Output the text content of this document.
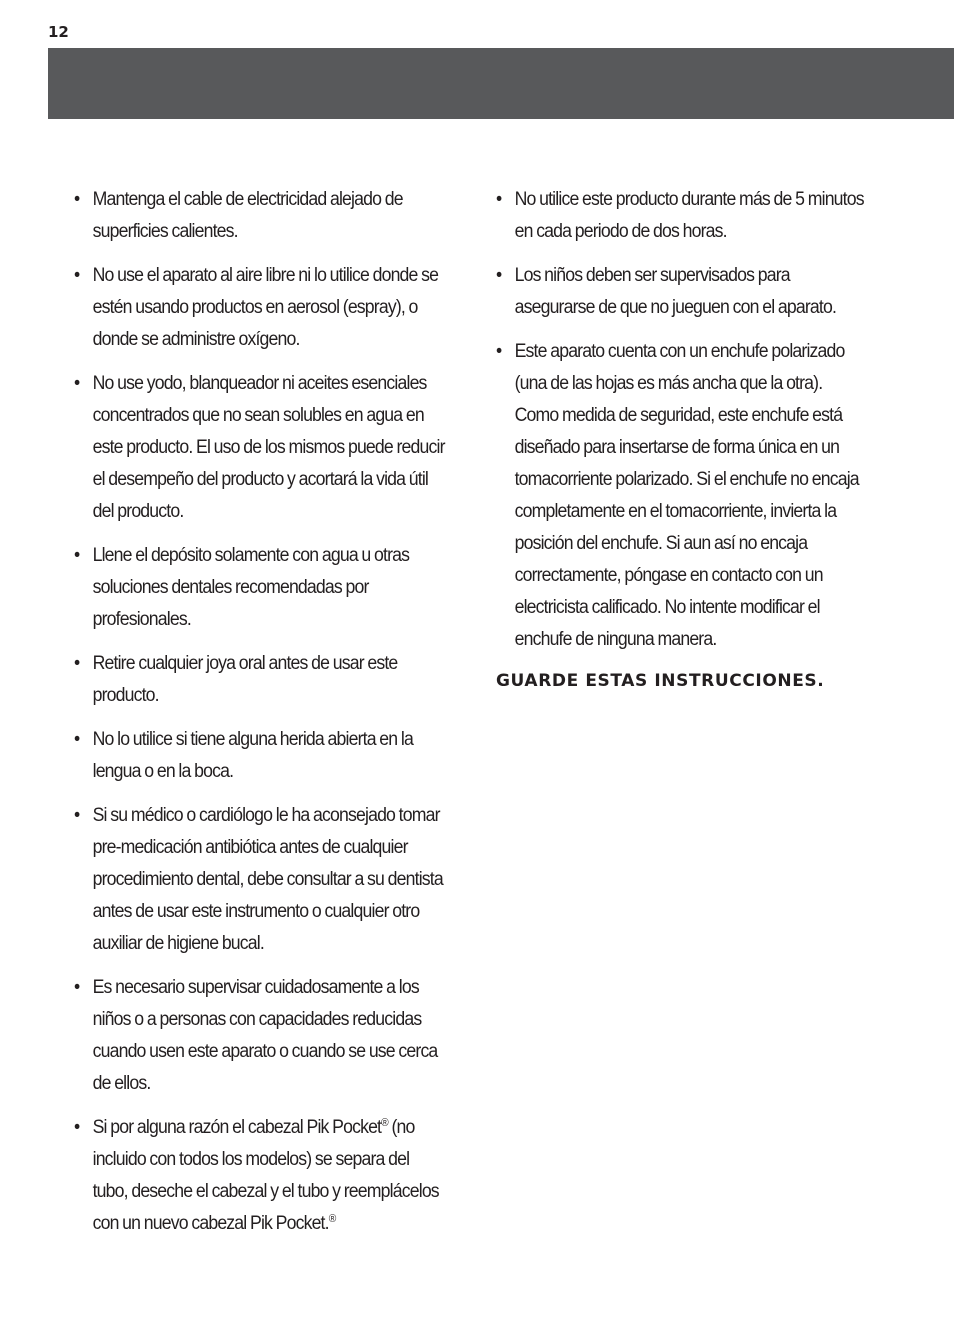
12
• Mantenga el cable de electricidad alejado de superficies calientes.
• No use el aparato al aire libre ni lo utilice donde se estén usando productos en aerosol (espray), o donde se administre oxígeno.
• No use yodo, blanqueador ni aceites esenciales concentrados que no sean solubles en agua en este producto. El uso de los mismos puede reducir el desempeño del producto y acortará la vida útil del producto.
• Llene el depósito solamente con agua u otras soluciones dentales recomendadas por profesionales.
• Retire cualquier joya oral antes de usar este producto.
• No lo utilice si tiene alguna herida abierta en la lengua o en la boca.
• Si su médico o cardiólogo le ha aconsejado tomar pre-medicación antibiótica antes de cualquier procedimiento dental, debe consultar a su dentista antes de usar este instrumento o cualquier otro auxiliar de higiene bucal.
• Es necesario supervisar cuidadosamente a los niños o a personas con capacidades reducidas cuando usen este aparato o cuando se use cerca de ellos.
• Si por alguna razón el cabezal Pik Pocket® (no incluido con todos los modelos) se separa del tubo, deseche el cabezal y el tubo y reemplácelos con un nuevo cabezal Pik Pocket.®
• No utilice este producto durante más de 5 minutos en cada periodo de dos horas.
• Los niños deben ser supervisados para asegurarse de que no jueguen con el aparato.
• Este aparato cuenta con un enchufe polarizado (una de las hojas es más ancha que la otra). Como medida de seguridad, este enchufe está diseñado para insertarse de forma única en un tomacorriente polarizado. Si el enchufe no encaja completamente en el tomacorriente, invierta la posición del enchufe. Si aun así no encaja correctamente, póngase en contacto con un electricista calificado. No intente modificar el enchufe de ninguna manera.
GUARDE ESTAS INSTRUCCIONES.
